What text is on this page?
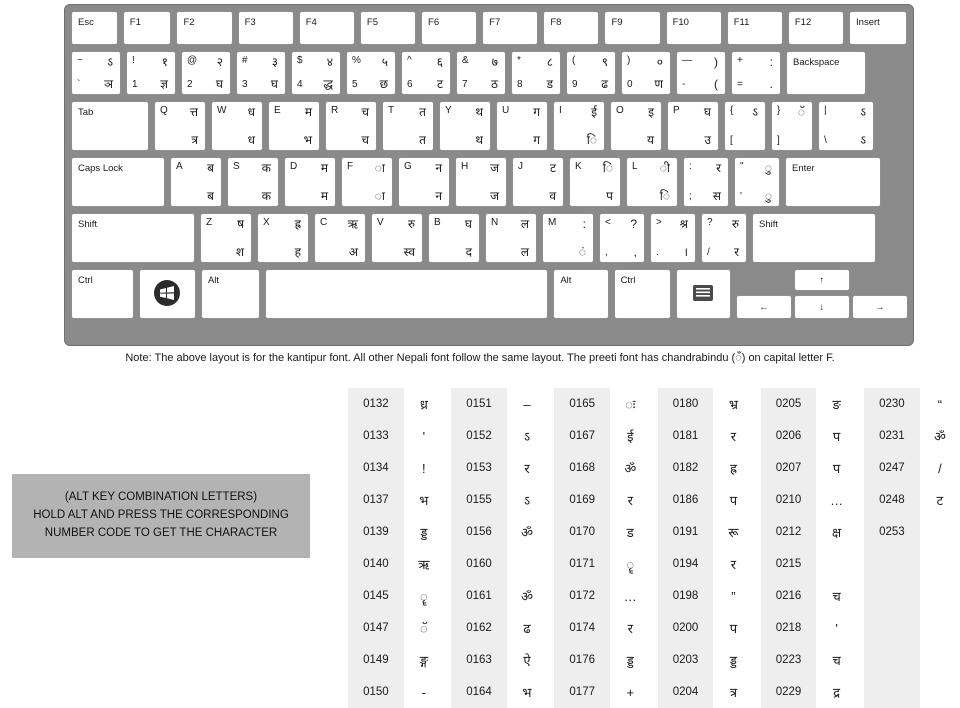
Esc	F1	F2	F3	F4	F5	F6	F7	F8	F9	F10	F11	F12	Insert
~ ऽ
` ञ
! १
1 ज्ञ
@ २
2 घ
# ३
3 घ
$ ४
4 द्ध
% ५
5 छ
^ ६
6 ट
& ७
7 ठ
* ८
8 ड
( ९
9 ढ
) ०
0 ण
— )
- (
+ :
= .
Backspace
Tab	Q त्त
त्र
W ध
ध
E म
भ
R च
च
T त
त
Y थ
थ
U ग
ग
I ई
ि
O इ
य
P घ
उ
{ ऽ
[
} ॅ
]
|	ऽ
\	ऽ
Caps Lock	A ब
ब
S क
क
D म
म
F ा
ा
G न
न
H ज
ज
J ट
व
K ि
प
L ी
ि
: र
; स
" ु
' ु
Enter
Shift	Z ष
श
X ह्र
ह
C ऋ
अ
V रु
स्व
B घ
द
N ल
ल
M :
ं
< ?
, ,
> श्र
. ।
? रु
/ र
Shift
Ctrl	Alt	Alt	Ctrl	↑
←	↓	→
Note: The above layout is for the kantipur font. All other Nepali font follow the same layout. The preeti font has chandrabindu (ँ) on capital letter F.
(ALT KEY COMBINATION LETTERS)
HOLD ALT AND PRESS THE CORRESPONDING
NUMBER CODE TO GET THE CHARACTER
0132	ध्र		0151	–		0165	ः		0180	भ्र		0205	ङ		0230	“
0133	'		0152	ऽ		0167	ई		0181	र		0206	प		0231	ॐ
0134	!		0153	र		0168	ॐ		0182	ह्र		0207	प		0247	/
0137	भ		0155	ऽ		0169	र		0186	प		0210	…		0248	ट
0139	ड्ड		0156	ॐ		0170	ड		0191	रू		0212	क्ष		0253	
0140	ऋ		0160			0171	ॄ		0194	र		0215				
0145	ॄ		0161	ॐ		0172	…		0198	”		0216	च			
0147	ॅ		0162	ढ		0174	र		0200	प		0218	'			
0149	ङ्ग		0163	ऐ		0176	ड्ड		0203	ड्ड		0223	च			
0150	-		0164	भ		0177	+		0204	त्र		0229	द्र			
